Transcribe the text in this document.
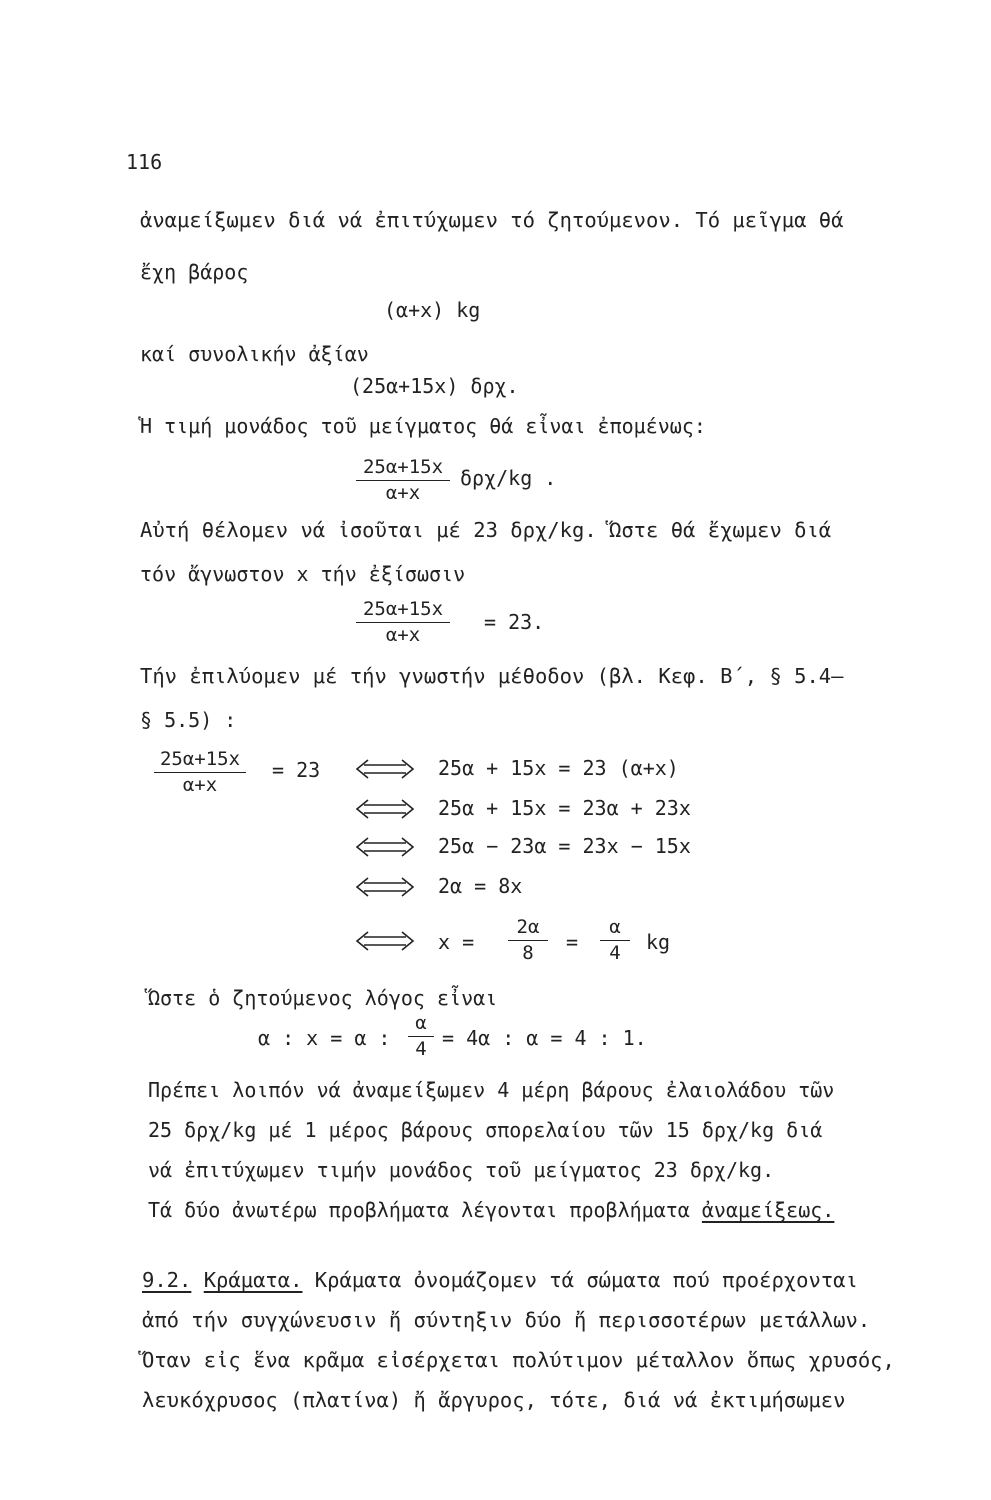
116
ἀναμείξωμεν διά νά ἐπιτύχωμεν τό ζητούμενον. Τό μεῖγμα θά
ἔχη βάρος
(α+x) kg
καί συνολικήν ἀξίαν
(25α+15x) δρχ.
Ἡ τιμή μονάδος τοῦ μείγματος θά εἶναι ἐπομένως:
$\frac{25\alpha+15x}{\alpha+x} \delta\rho\chi/kg$ .
Αὐτή θέλομεν νά ἰσοῦται μέ 23 δρχ/kg. Ὥστε θά ἔχωμεν διά
τόν ἄγνωστον x τήν ἐξίσωσιν
$\frac{25\alpha+15x}{\alpha+x} = 23$.
Τήν ἐπιλύομεν μέ τήν γνωστήν μέθοδον (βλ. Κεφ. Β΄, § 5.4–
§ 5.5) :
$\frac{25\alpha+15x}{\alpha+x} = 23$	25α + 15x = 23 (α+x)
25α + 15x = 23α + 23x
25α − 23α = 23x − 15x
2α = 8x
$x = \frac{2\alpha}{8} = \frac{\alpha}{4}$ kg
Ὥστε ὁ ζητούμενος λόγος εἶναι
α : x = α : $\frac{\alpha}{4} = 4\alpha$ : α = 4 : 1.
Πρέπει λοιπόν νά ἀναμείξωμεν 4 μέρη βάρους ἐλαιολάδου τῶν
25 δρχ/kg μέ 1 μέρος βάρους σπορελαίου τῶν 15 δρχ/kg διά
νά ἐπιτύχωμεν τιμήν μονάδος τοῦ μείγματος 23 δρχ/kg.
Τά δύο ἀνωτέρω προβλήματα λέγονται προβλήματα ἀναμείξεως.
9.2. Κράματα. Κράματα ὀνομάζομεν τά σώματα πού προέρχονται
ἀπό τήν συγχώνευσιν ἤ σύντηξιν δύο ἤ περισσοτέρων μετάλλων.
Ὅταν εἰς ἕνα κρᾶμα εἰσέρχεται πολύτιμον μέταλλον ὅπως χρυσός,
λευκόχρυσος (πλατίνα) ἤ ἄργυρος, τότε, διά νά ἐκτιμήσωμεν
